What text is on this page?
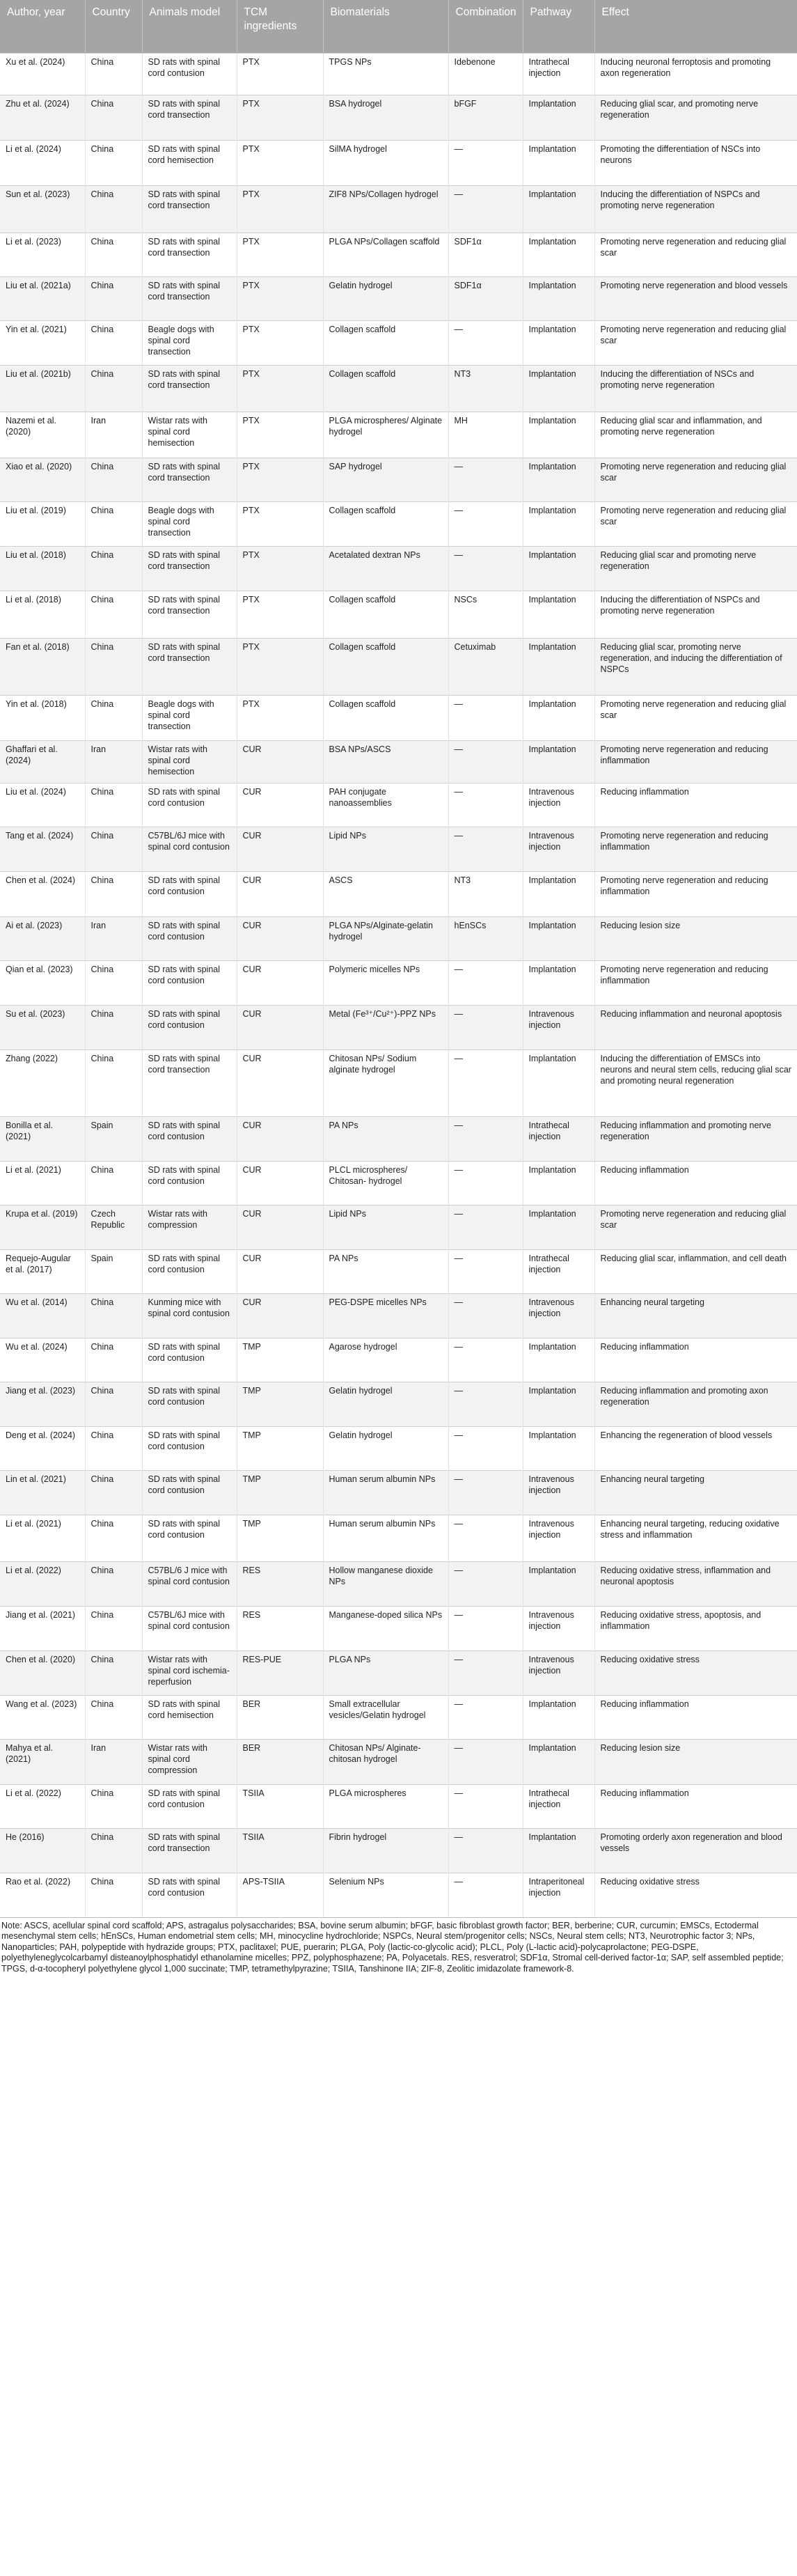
Author, year	Country	Animals model	TCM ingredients	Biomaterials	Combination	Pathway	Effect
Xu et al. (2024)	China	SD rats with spinal cord contusion	PTX	TPGS NPs	Idebenone	Intrathecal injection	Inducing neuronal ferroptosis and promoting axon regeneration
Zhu et al. (2024)	China	SD rats with spinal cord transection	PTX	BSA hydrogel	bFGF	Implantation	Reducing glial scar, and promoting nerve regeneration
Li et al. (2024)	China	SD rats with spinal cord hemisection	PTX	SilMA hydrogel	—	Implantation	Promoting the differentiation of NSCs into neurons
Sun et al. (2023)	China	SD rats with spinal cord transection	PTX	ZIF8 NPs/Collagen hydrogel	—	Implantation	Inducing the differentiation of NSPCs and promoting nerve regeneration
Li et al. (2023)	China	SD rats with spinal cord transection	PTX	PLGA NPs/Collagen scaffold	SDF1α	Implantation	Promoting nerve regeneration and reducing glial scar
Liu et al. (2021a)	China	SD rats with spinal cord transection	PTX	Gelatin hydrogel	SDF1α	Implantation	Promoting nerve regeneration and blood vessels
Yin et al. (2021)	China	Beagle dogs with spinal cord transection	PTX	Collagen scaffold	—	Implantation	Promoting nerve regeneration and reducing glial scar
Liu et al. (2021b)	China	SD rats with spinal cord transection	PTX	Collagen scaffold	NT3	Implantation	Inducing the differentiation of NSCs and promoting nerve regeneration
Nazemi et al. (2020)	Iran	Wistar rats with spinal cord hemisection	PTX	PLGA microspheres/ Alginate hydrogel	MH	Implantation	Reducing glial scar and inflammation, and promoting nerve regeneration
Xiao et al. (2020)	China	SD rats with spinal cord transection	PTX	SAP hydrogel	—	Implantation	Promoting nerve regeneration and reducing glial scar
Liu et al. (2019)	China	Beagle dogs with spinal cord transection	PTX	Collagen scaffold	—	Implantation	Promoting nerve regeneration and reducing glial scar
Liu et al. (2018)	China	SD rats with spinal cord transection	PTX	Acetalated dextran NPs	—	Implantation	Reducing glial scar and promoting nerve regeneration
Li et al. (2018)	China	SD rats with spinal cord transection	PTX	Collagen scaffold	NSCs	Implantation	Inducing the differentiation of NSPCs and promoting nerve regeneration
Fan et al. (2018)	China	SD rats with spinal cord transection	PTX	Collagen scaffold	Cetuximab	Implantation	Reducing glial scar, promoting nerve regeneration, and inducing the differentiation of NSPCs
Yin et al. (2018)	China	Beagle dogs with spinal cord transection	PTX	Collagen scaffold	—	Implantation	Promoting nerve regeneration and reducing glial scar
Ghaffari et al. (2024)	Iran	Wistar rats with spinal cord hemisection	CUR	BSA NPs/ASCS	—	Implantation	Promoting nerve regeneration and reducing inflammation
Liu et al. (2024)	China	SD rats with spinal cord contusion	CUR	PAH conjugate nanoassemblies	—	Intravenous injection	Reducing inflammation
Tang et al. (2024)	China	C57BL/6J mice with spinal cord contusion	CUR	Lipid NPs	—	Intravenous injection	Promoting nerve regeneration and reducing inflammation
Chen et al. (2024)	China	SD rats with spinal cord contusion	CUR	ASCS	NT3	Implantation	Promoting nerve regeneration and reducing inflammation
Ai et al. (2023)	Iran	SD rats with spinal cord contusion	CUR	PLGA NPs/Alginate-gelatin hydrogel	hEnSCs	Implantation	Reducing lesion size
Qian et al. (2023)	China	SD rats with spinal cord contusion	CUR	Polymeric micelles NPs	—	Implantation	Promoting nerve regeneration and reducing inflammation
Su et al. (2023)	China	SD rats with spinal cord contusion	CUR	Metal (Fe³⁺/Cu²⁺)-PPZ NPs	—	Intravenous injection	Reducing inflammation and neuronal apoptosis
Zhang (2022)	China	SD rats with spinal cord transection	CUR	Chitosan NPs/ Sodium alginate hydrogel	—	Implantation	Inducing the differentiation of EMSCs into neurons and neural stem cells, reducing glial scar and promoting neural regeneration
Bonilla et al. (2021)	Spain	SD rats with spinal cord contusion	CUR	PA NPs	—	Intrathecal injection	Reducing inflammation and promoting nerve regeneration
Li et al. (2021)	China	SD rats with spinal cord contusion	CUR	PLCL microspheres/ Chitosan- hydrogel	—	Implantation	Reducing inflammation
Krupa et al. (2019)	Czech Republic	Wistar rats with compression	CUR	Lipid NPs	—	Implantation	Promoting nerve regeneration and reducing glial scar
Requejo-Augular et al. (2017)	Spain	SD rats with spinal cord contusion	CUR	PA NPs	—	Intrathecal injection	Reducing glial scar, inflammation, and cell death
Wu et al. (2014)	China	Kunming mice with spinal cord contusion	CUR	PEG-DSPE micelles NPs	—	Intravenous injection	Enhancing neural targeting
Wu et al. (2024)	China	SD rats with spinal cord contusion	TMP	Agarose hydrogel	—	Implantation	Reducing inflammation
Jiang et al. (2023)	China	SD rats with spinal cord contusion	TMP	Gelatin hydrogel	—	Implantation	Reducing inflammation and promoting axon regeneration
Deng et al. (2024)	China	SD rats with spinal cord contusion	TMP	Gelatin hydrogel	—	Implantation	Enhancing the regeneration of blood vessels
Lin et al. (2021)	China	SD rats with spinal cord contusion	TMP	Human serum albumin NPs	—	Intravenous injection	Enhancing neural targeting
Li et al. (2021)	China	SD rats with spinal cord contusion	TMP	Human serum albumin NPs	—	Intravenous injection	Enhancing neural targeting, reducing oxidative stress and inflammation
Li et al. (2022)	China	C57BL/6 J mice with spinal cord contusion	RES	Hollow manganese dioxide NPs	—	Implantation	Reducing oxidative stress, inflammation and neuronal apoptosis
Jiang et al. (2021)	China	C57BL/6J mice with spinal cord contusion	RES	Manganese-doped silica NPs	—	Intravenous injection	Reducing oxidative stress, apoptosis, and inflammation
Chen et al. (2020)	China	Wistar rats with spinal cord ischemia-reperfusion	RES-PUE	PLGA NPs	—	Intravenous injection	Reducing oxidative stress
Wang et al. (2023)	China	SD rats with spinal cord hemisection	BER	Small extracellular vesicles/Gelatin hydrogel	—	Implantation	Reducing inflammation
Mahya et al. (2021)	Iran	Wistar rats with spinal cord compression	BER	Chitosan NPs/ Alginate-chitosan hydrogel	—	Implantation	Reducing lesion size
Li et al. (2022)	China	SD rats with spinal cord contusion	TSIIA	PLGA microspheres	—	Intrathecal injection	Reducing inflammation
He (2016)	China	SD rats with spinal cord transection	TSIIA	Fibrin hydrogel	—	Implantation	Promoting orderly axon regeneration and blood vessels
Rao et al. (2022)	China	SD rats with spinal cord contusion	APS-TSIIA	Selenium NPs	—	Intraperitoneal injection	Reducing oxidative stress
Note: ASCS, acellular spinal cord scaffold; APS, astragalus polysaccharides; BSA, bovine serum albumin; bFGF, basic fibroblast growth factor; BER, berberine; CUR, curcumin; EMSCs, Ectodermal mesenchymal stem cells; hEnSCs, Human endometrial stem cells; MH, minocycline hydrochloride; NSPCs, Neural stem/progenitor cells; NSCs, Neural stem cells; NT3, Neurotrophic factor 3; NPs, Nanoparticles; PAH, polypeptide with hydrazide groups; PTX, paclitaxel; PUE, puerarin; PLGA, Poly (lactic-co-glycolic acid); PLCL, Poly (L-lactic acid)-polycaprolactone; PEG-DSPE, polyethyleneglycolcarbamyl disteanoylphosphatidyl ethanolamine micelles; PPZ, polyphosphazene; PA, Polyacetals. RES, resveratrol; SDF1α, Stromal cell-derived factor-1α; SAP, self assembled peptide; TPGS, d-α-tocopheryl polyethylene glycol 1,000 succinate; TMP, tetramethylpyrazine; TSIIA, Tanshinone IIA; ZIF-8, Zeolitic imidazolate framework-8.
